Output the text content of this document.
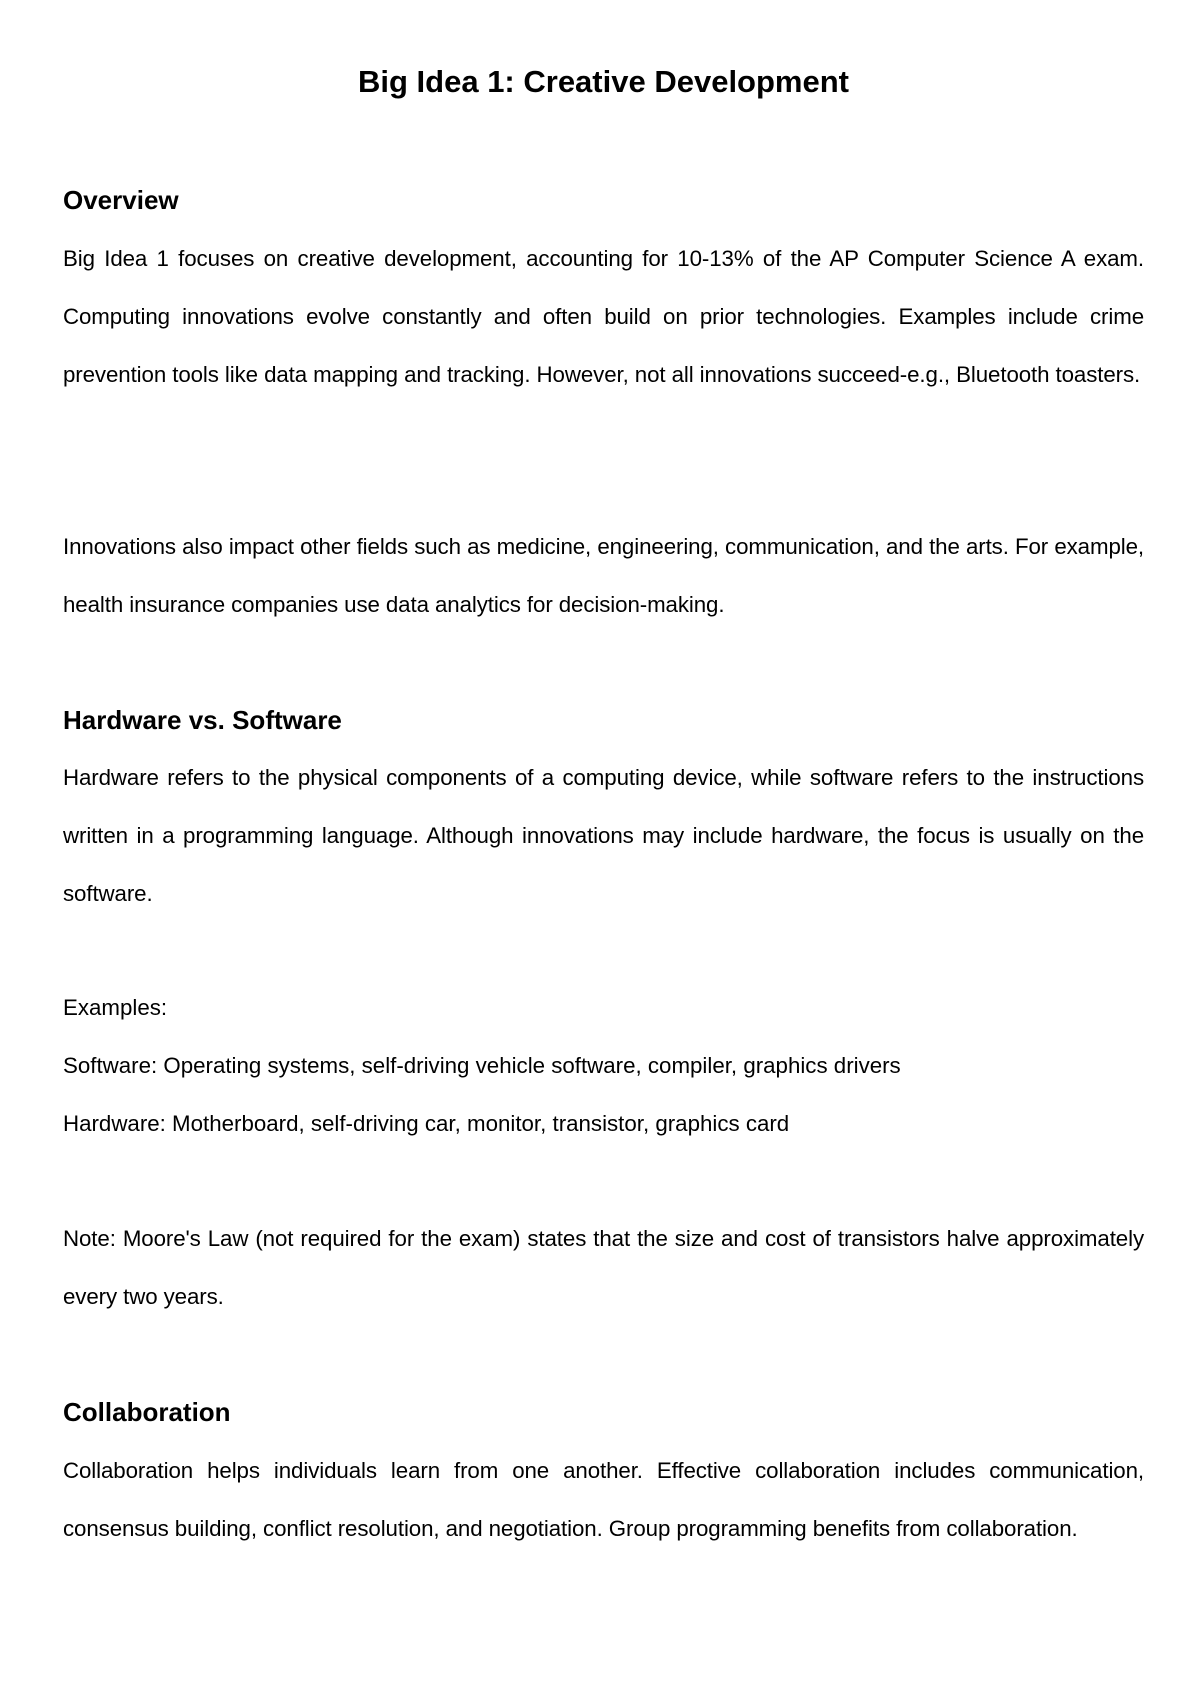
Big Idea 1: Creative Development
Overview

Big Idea 1 focuses on creative development, accounting for 10-13% of the AP Computer Science A exam. Computing innovations evolve constantly and often build on prior technologies. Examples include crime prevention tools like data mapping and tracking. However, not all innovations succeed-e.g., Bluetooth toasters.

Innovations also impact other fields such as medicine, engineering, communication, and the arts. For example, health insurance companies use data analytics for decision-making.

Hardware vs. Software

Hardware refers to the physical components of a computing device, while software refers to the instructions written in a programming language. Although innovations may include hardware, the focus is usually on the software.

Examples:

Software: Operating systems, self-driving vehicle software, compiler, graphics drivers

Hardware: Motherboard, self-driving car, monitor, transistor, graphics card

Note: Moore's Law (not required for the exam) states that the size and cost of transistors halve approximately every two years.

Collaboration

Collaboration helps individuals learn from one another. Effective collaboration includes communication, consensus building, conflict resolution, and negotiation. Group programming benefits from collaboration.
